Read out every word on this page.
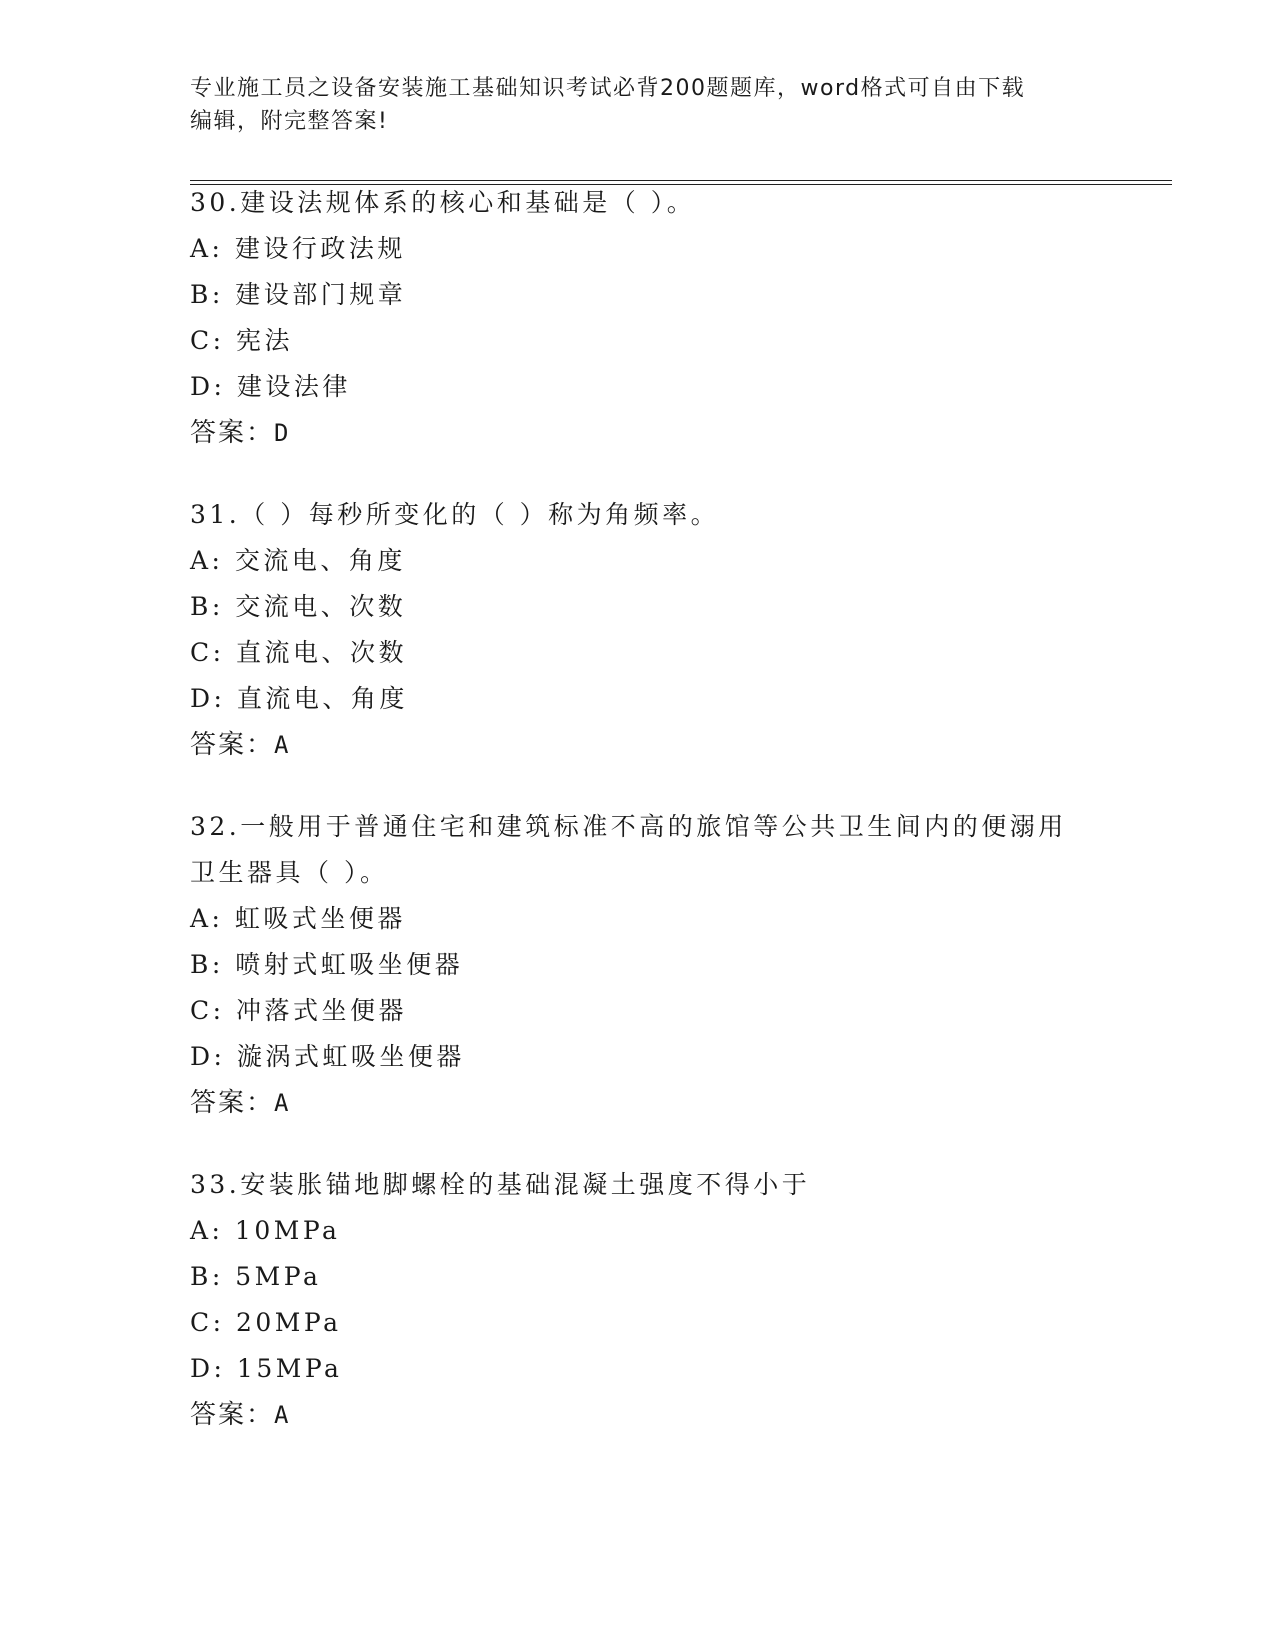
专业施工员之设备安装施工基础知识考试必背200题题库，word格式可自由下载
编辑，附完整答案!
30.建设法规体系的核心和基础是（ ）。
A: 建设行政法规
B: 建设部门规章
C: 宪法
D: 建设法律
答案：D
31.（ ）每秒所变化的（ ）称为角频率。
A: 交流电、角度
B: 交流电、次数
C: 直流电、次数
D: 直流电、角度
答案：A
32.一般用于普通住宅和建筑标准不高的旅馆等公共卫生间内的便溺用
卫生器具（ ）。
A: 虹吸式坐便器
B: 喷射式虹吸坐便器
C: 冲落式坐便器
D: 漩涡式虹吸坐便器
答案：A
33.安装胀锚地脚螺栓的基础混凝土强度不得小于
A: 10MPa
B: 5MPa
C: 20MPa
D: 15MPa
答案：A
